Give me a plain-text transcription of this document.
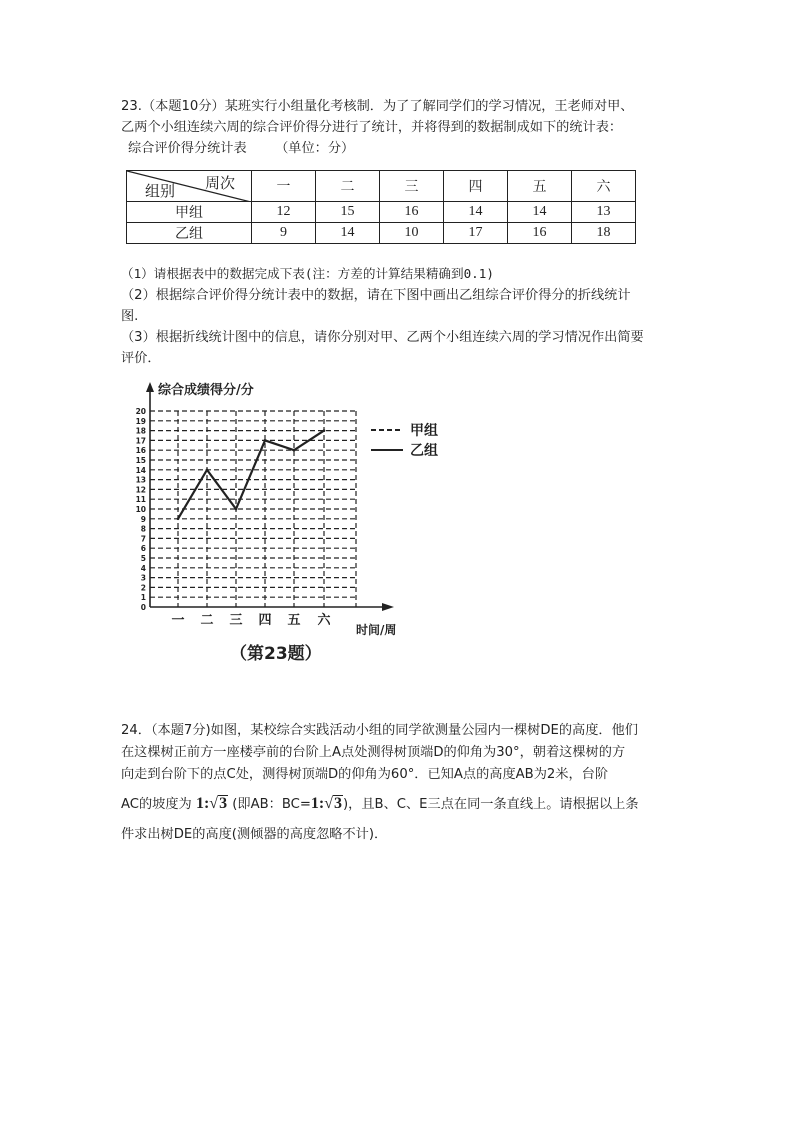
23.（本题10分）某班实行小组量化考核制．为了了解同学们的学习情况，王老师对甲、

乙两个小组连续六周的综合评价得分进行了统计，并将得到的数据制成如下的统计表：

综合评价得分统计表 （单位：分）

周次
组别	一	二	三	四	五	六
甲组	12	15	16	14	14	13
乙组	9	14	10	17	16	18

（1）请根据表中的数据完成下表(注：方差的计算结果精确到0.1)

（2）根据综合评价得分统计表中的数据，请在下图中画出乙组综合评价得分的折线统计

图.

（3）根据折线统计图中的信息，请你分别对甲、乙两个小组连续六周的学习情况作出简要

评价．

0
1
2
3
4
5
6
7
8
9
10
11
12
13
14
15
16
17
18
19
20
一 二 三 四 五 六
综合成绩得分/分
时间/周
甲组
乙组
（第23题）

24．（本题7分)如图，某校综合实践活动小组的同学欲测量公园内一棵树DE的高度．他们

在这棵树正前方一座楼亭前的台阶上A点处测得树顶端D的仰角为30°，朝着这棵树的方

向走到台阶下的点C处，测得树顶端D的仰角为60°．已知A点的高度AB为2米，台阶

AC的坡度为 1:√3 (即AB：BC=1:√3)，且B、C、E三点在同一条直线上。请根据以上条

件求出树DE的高度(测倾器的高度忽略不计)．
